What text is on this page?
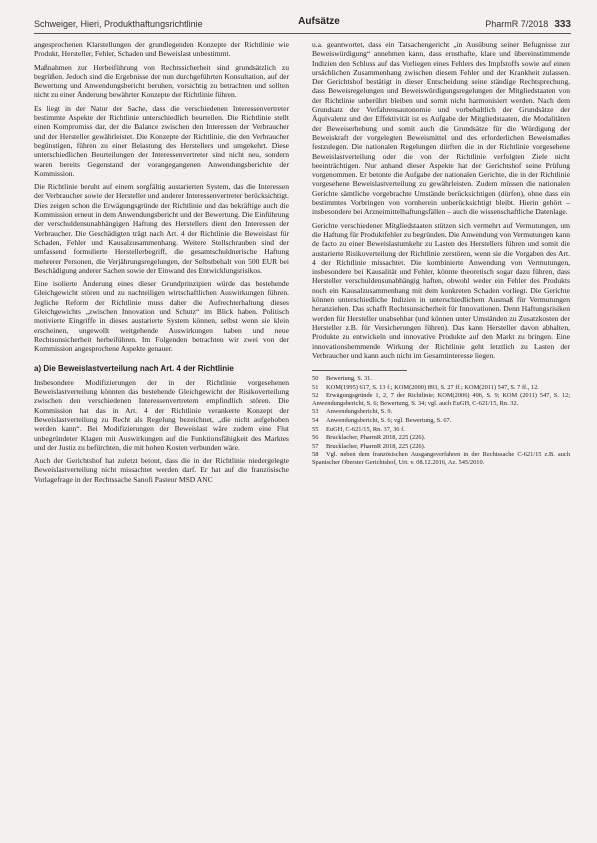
Schweiger, Hieri, Produkthaftungsrichtlinie	Aufsätze	PharmR 7/2018 333

angesprochenen Klarstellungen der grundlegenden Konzepte der Richtlinie wie Produkt, Hersteller, Fehler, Schaden und Beweislast unbestimmt.

Maßnahmen zur Herbeiführung von Rechtssicherheit sind grundsätzlich zu begrüßen. Jedoch sind die Ergebnisse der nun durchgeführten Konsultation, auf der Bewertung und Anwendungsbericht beruhen, vorsichtig zu betrachten und sollten nicht zu einer Änderung bewährter Konzepte der Richtlinie führen.

Es liegt in der Natur der Sache, dass die verschiedenen Interessenvertreter bestimmte Aspekte der Richtlinie unterschiedlich beurteilen. Die Richtlinie stellt einen Kompromiss dar, der die Balance zwischen den Interessen der Verbraucher und der Hersteller gewährleistet. Die Konzepte der Richtlinie, die den Verbraucher begünstigen, führen zu einer Belastung des Herstellers und umgekehrt. Diese unterschiedlichen Beurteilungen der Interessenvertreter sind nicht neu, sondern waren bereits Gegenstand der vorangegangenen Anwendungsberichte der Kommission.

Die Richtlinie beruht auf einem sorgfältig austarierten System, das die Interessen der Verbraucher sowie der Hersteller und anderer Interessenvertreter berücksichtigt. Dies zeigen schon die Erwägungsgründe der Richtlinie und das bekräftige auch die Kommission erneut in dem Anwendungsbericht und der Bewertung. Die Einführung der verschuldensunabhängigen Haftung des Herstellers dient den Interessen der Verbraucher. Die Geschädigten trägt nach Art. 4 der Richtlinie die Beweislast für Schaden, Fehler und Kausalzusammenhang. Weitere Stellschrauben sind der umfassend formulierte Herstellerbegriff, die gesamtschuldnerische Haftung mehrerer Personen, die Verjährungsregelungen, der Selbstbehalt von 500 EUR bei Beschädigung anderer Sachen sowie der Einwand des Entwicklungsrisikos.

Eine isolierte Änderung eines dieser Grundprinzipien würde das bestehende Gleichgewicht stören und zu nachteiligen wirtschaftlichen Auswirkungen führen. Jegliche Reform der Richtlinie muss daher die Aufrechterhaltung dieses Gleichgewichts „zwischen Innovation und Schutz“ im Blick haben. Politisch motivierte Eingriffe in dieses austarierte System können, selbst wenn sie klein erscheinen, ungewollt weitgehende Auswirkungen haben und neue Rechtsunsicherheit herbeiführen. Im Folgenden betrachten wir zwei von der Kommission angesprochene Aspekte genauer.

a) Die Beweislastverteilung nach Art. 4 der Richtlinie

Insbesondere Modifizierungen der in der Richtlinie vorgesehenen Beweislastverteilung könnten das bestehende Gleichgewicht der Risikoverteilung zwischen den verschiedenen Interessenvertretern empfindlich stören. Die Kommission hat das in Art. 4 der Richtlinie verankerte Konzept der Beweislastverteilung zu Recht als Regelung bezeichnet, „die nicht aufgehoben werden kann“. Bei Modifizierungen der Beweislast wäre zudem eine Flut unbegründeter Klagen mit Auswirkungen auf die Funktionsfähigkeit des Marktes und der Justiz zu befürchten, die mit hohen Kosten verbunden wäre.

Auch der Gerichtshof hat zuletzt betont, dass die in der Richtlinie niedergelegte Beweislastverteilung nicht missachtet werden darf. Er hat auf die französische Vorlagefrage in der Rechtssache Sanofi Pasteur MSD ANC

u.a. geantwortet, dass ein Tatsachengericht „in Ausübung seiner Befugnisse zur Beweiswürdigung“ annehmen kann, dass ernsthafte, klare und übereinstimmende Indizien den Schluss auf das Vorliegen eines Fehlers des Impfstoffs sowie auf einen ursächlichen Zusammenhang zwischen diesem Fehler und der Krankheit zulassen. Der Gerichtshof bestätigt in dieser Entscheidung seine ständige Rechtsprechung, dass Beweisregelungen und Beweiswürdigungsregelungen der Mitgliedstaaten von der Richtlinie unberührt bleiben und somit nicht harmonisiert werden. Nach dem Grundsatz der Verfahrensautonomie und vorbehaltlich der Grundsätze der Äquivalenz und der Effektivität ist es Aufgabe der Mitgliedstaaten, die Modalitäten der Beweiserhebung und somit auch die Grundsätze für die Würdigung der Beweiskraft der vorgelegten Beweismittel und des erforderlichen Beweismaßes festzulegen. Die nationalen Regelungen dürften die in der Richtlinie vorgesehene Beweislastverteilung oder die von der Richtlinie verfolgten Ziele nicht beeinträchtigen. Nur anhand dieser Aspekte hat der Gerichtshof seine Prüfung vorgenommen. Er betonte die Aufgabe der nationalen Gerichte, die in der Richtlinie vorgesehene Beweislastverteilung zu gewährleisten. Zudem müssen die nationalen Gerichte sämtliche vorgebrachte Umstände berücksichtigen (dürfen), ohne dass ein bestimmtes Vorbringen von vornherein unberücksichtigt bleibt. Hierin gehört – insbesondere bei Arzneimittelhaftungsfällen – auch die wissenschaftliche Datenlage.

Gerichte verschiedener Mitgliedstaaten stützen sich vermehrt auf Vermutungen, um die Haftung für Produktfehler zu begründen. Die Anwendung von Vermutungen kann de facto zu einer Beweislastumkehr zu Lasten des Herstellers führen und somit die austarierte Risikoverteilung der Richtlinie zerstören, wenn sie die Vorgaben des Art. 4 der Richtlinie missachtet. Die kombinierte Anwendung von Vermutungen, insbesondere bei Kausalität und Fehler, könnte theoretisch sogar dazu führen, dass Hersteller verschuldensunabhängig haften, obwohl weder ein Fehler des Produkts noch ein Kausalzusammenhang mit dem konkreten Schaden vorliegt. Die Gerichte können unterschiedliche Indizien in unterschiedlichem Ausmaß für Vermutungen heranziehen. Das schafft Rechtsunsicherheit für Innovationen. Denn Haftungsrisiken werden für Hersteller unabsehbar (und können unter Umständen zu Zusatzkosten der Hersteller z.B. für Versicherungen führen). Das kann Hersteller davon abhalten, Produkte zu entwickeln und innovative Produkte auf den Markt zu bringen. Eine innovationshemmende Wirkung der Richtlinie geht letztlich zu Lasten der Verbraucher und kann auch nicht im Gesamtinteresse liegen.

50 Bewertung, S. 31.

51 KOM(1995) 617, S. 13 f.; KOM(2000) 893, S. 27 ff.; KOM(2011) 547, S. 7 ff., 12.

52 Erwägungsgründe 1, 2, 7 der Richtlinie; KOM(2006) 496, S. 9; KOM (2011) 547, S. 12; Anwendungsbericht, S. 6; Bewertung, S. 34; vgl. auch EuGH, C-621/15, Rn. 32.

53 Anwendungsbericht, S. 9.

54 Anwendungsbericht, S. 6; vgl. Bewertung, S. 67.

55 EuGH, C-621/15, Rn. 37, 36 f.

56 Brucklacher, PharmR 2018, 225 (226).

57 Brucklacher, PharmR 2018, 225 (226).

58 Vgl. neben dem französischen Ausgangsverfahren in der Rechtssache C-621/15 z.B. auch Spanischer Oberster Gerichtshof, Urt. v. 08.12.2016, Az. 545/2010.
